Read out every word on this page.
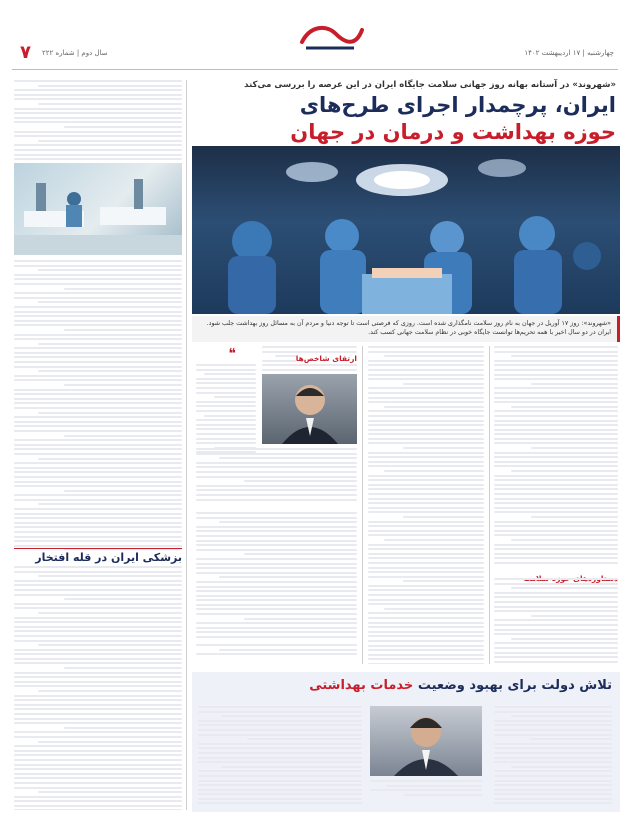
۷ سال دوم | شماره ۲۲۲	چهارشنبه | ۱۷ اردیبهشت ۱۴۰۲
«شهروند» در آستانه بهانه روز جهانی سلامت جایگاه ایران در این عرصه را بررسی می‌کند
ایران، پرچمدار اجرای طرح‌های
حوزه بهداشت و درمان در جهان
«شهروند»: روز ۱۷ آوریل در جهان به نام روز سلامت نامگذاری شده است. روزی که فرصتی است تا توجه دنیا و مردم آن به مسائل روز بهداشت جلب شود. ایران در دو سال اخیر با همه تحریم‌ها توانست جایگاه خوبی در نظام سلامت جهانی کسب کند.
بزشکی ایران در قله افتخار
❝	ارتقای شاخص‌ها
تلاش دولت برای بهبود وضعیت خدمات بهداشتی
